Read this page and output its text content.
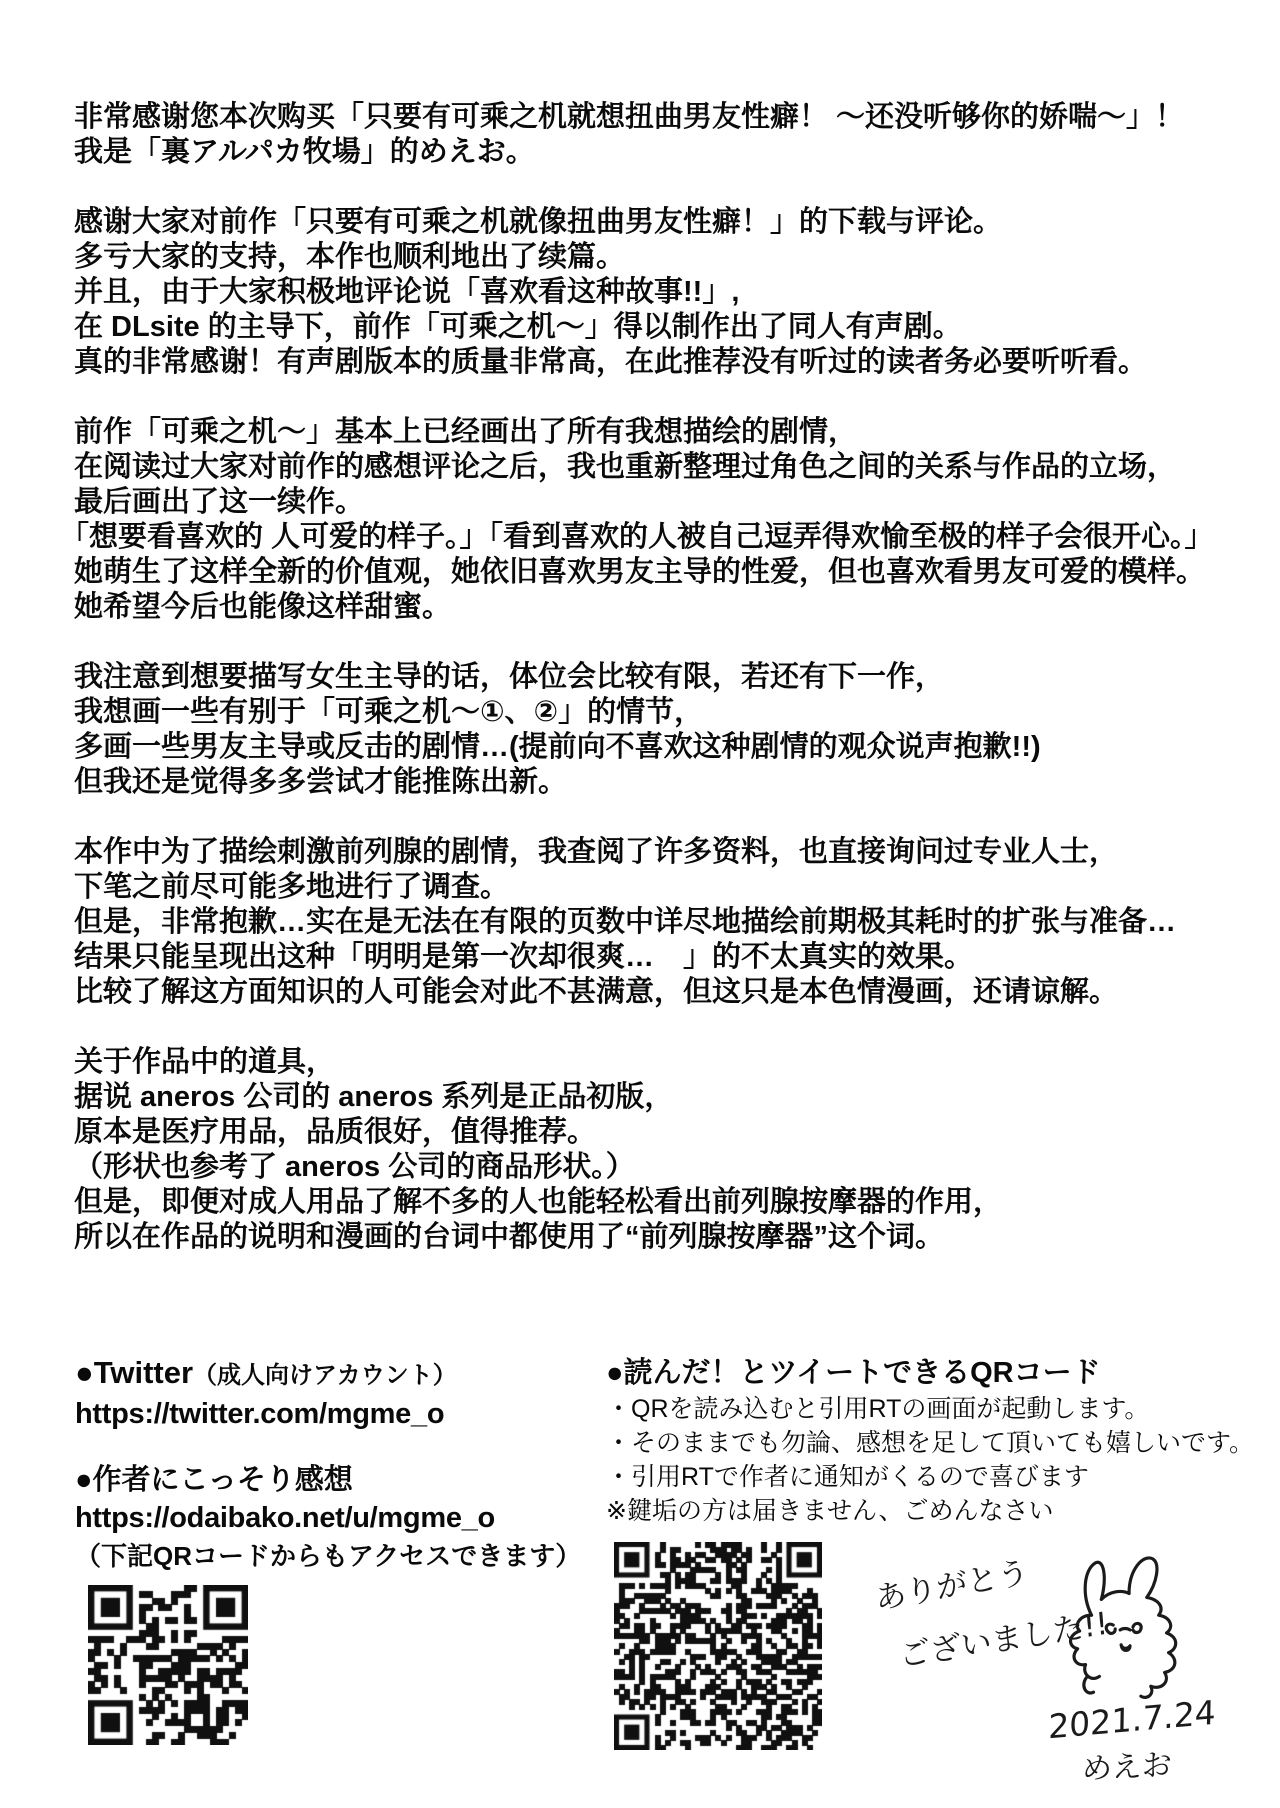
非常感谢您本次购买「只要有可乘之机就想扭曲男友性癖！ ～还没听够你的娇喘～」！
我是「裏アルパカ牧場」的めえお。
感谢大家对前作「只要有可乘之机就像扭曲男友性癖！」的下载与评论。
多亏大家的支持，本作也顺利地出了续篇。
并且，由于大家积极地评论说「喜欢看这种故事!!」,
在 DLsite 的主导下，前作「可乘之机～」得以制作出了同人有声剧。
真的非常感谢！有声剧版本的质量非常高，在此推荐没有听过的读者务必要听听看。
前作「可乘之机～」基本上已经画出了所有我想描绘的剧情，
在阅读过大家对前作的感想评论之后，我也重新整理过角色之间的关系与作品的立场，
最后画出了这一续作。
「想要看喜欢的 人可爱的样子。」「看到喜欢的人被自己逗弄得欢愉至极的样子会很开心。」
她萌生了这样全新的价值观，她依旧喜欢男友主导的性爱，但也喜欢看男友可爱的模样。
她希望今后也能像这样甜蜜。
我注意到想要描写女生主导的话，体位会比较有限，若还有下一作，
我想画一些有别于「可乘之机～①、②」的情节，
多画一些男友主导或反击的剧情…(提前向不喜欢这种剧情的观众说声抱歉!!)
但我还是觉得多多尝试才能推陈出新。
本作中为了描绘刺激前列腺的剧情，我查阅了许多资料，也直接询问过专业人士，
下笔之前尽可能多地进行了调查。
但是，非常抱歉…实在是无法在有限的页数中详尽地描绘前期极其耗时的扩张与准备…
结果只能呈现出这种「明明是第一次却很爽…　」的不太真实的效果。
比较了解这方面知识的人可能会对此不甚满意，但这只是本色情漫画，还请谅解。
关于作品中的道具，
据说 aneros 公司的 aneros 系列是正品初版，
原本是医疗用品，品质很好，值得推荐。
（形状也参考了 aneros 公司的商品形状。）
但是，即便对成人用品了解不多的人也能轻松看出前列腺按摩器的作用，
所以在作品的说明和漫画的台词中都使用了“前列腺按摩器”这个词。
●Twitter（成人向けアカウント）
https://twitter.com/mgme_o
●作者にこっそり感想
https://odaibako.net/u/mgme_o
（下記QRコードからもアクセスできます）
●読んだ！とツイートできるQRコード
・QRを読み込むと引用RTの画面が起動します。
・そのままでも勿論、感想を足して頂いても嬉しいです。
・引用RTで作者に通知がくるので喜びます
※鍵垢の方は届きません、ごめんなさい
ありがとう
ございました!!
2021.7.24
めえお
